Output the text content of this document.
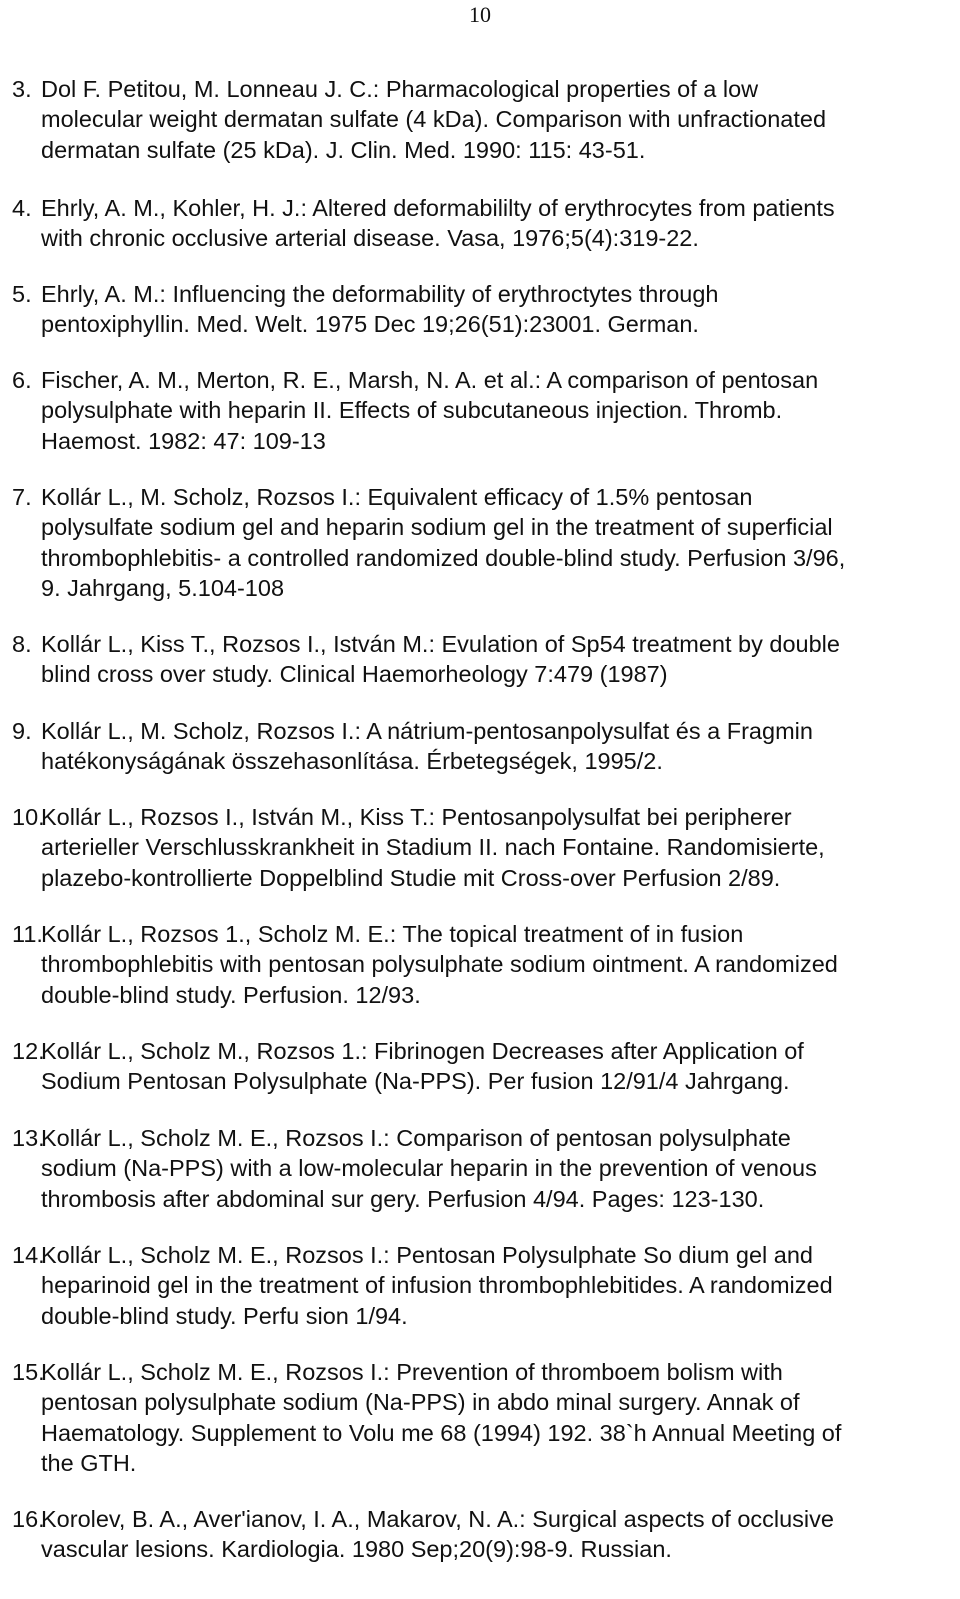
10
3. Dol F. Petitou, M. Lonneau J. C.: Pharmacological properties of a low
molecular weight dermatan sulfate (4 kDa). Comparison with unfractionated
dermatan sulfate (25 kDa). J. Clin. Med. 1990: 115: 43-51.
4. Ehrly, A. M., Kohler, H. J.: Altered deformabililty of erythrocytes from patients
with chronic occlusive arterial disease. Vasa, 1976;5(4):319-22.
5. Ehrly, A. M.: Influencing the deformability of erythroctytes through
pentoxiphyllin. Med. Welt. 1975 Dec 19;26(51):23001. German.
6. Fischer, A. M., Merton, R. E., Marsh, N. A. et al.: A comparison of pentosan
polysulphate with heparin II. Effects of subcutaneous injection. Thromb.
Haemost. 1982: 47: 109-13
7. Kollár L., M. Scholz, Rozsos I.: Equivalent efficacy of 1.5% pentosan
polysulfate sodium gel and heparin sodium gel in the treatment of superficial
thrombophlebitis- a controlled randomized double-blind study. Perfusion 3/96,
9. Jahrgang, 5.104-108
8. Kollár L., Kiss T., Rozsos I., István M.: Evulation of Sp54 treatment by double
blind cross over study. Clinical Haemorheology 7:479 (1987)
9. Kollár L., M. Scholz, Rozsos I.: A nátrium-pentosanpolysulfat és a Fragmin
hatékonyságának összehasonlítása. Érbetegségek, 1995/2.
10.
Kollár L., Rozsos I., István M., Kiss T.: Pentosanpolysulfat bei peripherer
arterieller Verschlusskrankheit in Stadium II. nach Fontaine. Randomisierte,
plazebo-kontrollierte Doppelblind Studie mit Cross-over Perfusion 2/89.
11.
Kollár L., Rozsos 1., Scholz M. E.: The topical treatment of in fusion
thrombophlebitis with pentosan polysulphate sodium ointment. A randomized
double-blind study. Perfusion. 12/93.
12.
Kollár L., Scholz M., Rozsos 1.: Fibrinogen Decreases after Application of
Sodium Pentosan Polysulphate (Na-PPS). Per fusion 12/91/4 Jahrgang.
13.
Kollár L., Scholz M. E., Rozsos I.: Comparison of pentosan polysulphate
sodium (Na-PPS) with a low-molecular heparin in the prevention of venous
thrombosis after abdominal sur gery. Perfusion 4/94. Pages: 123-130.
14.
Kollár L., Scholz M. E., Rozsos I.: Pentosan Polysulphate So dium gel and
heparinoid gel in the treatment of infusion thrombophlebitides. A randomized
double-blind study. Perfu sion 1/94.
15.
Kollár L., Scholz M. E., Rozsos I.: Prevention of thromboem bolism with
pentosan polysulphate sodium (Na-PPS) in abdo minal surgery. Annak of
Haematology. Supplement to Volu me 68 (1994) 192. 38`h Annual Meeting of
the GTH.
16.
Korolev, B. A., Aver'ianov, I. A., Makarov, N. A.: Surgical aspects of occlusive
vascular lesions. Kardiologia. 1980 Sep;20(9):98-9. Russian.
